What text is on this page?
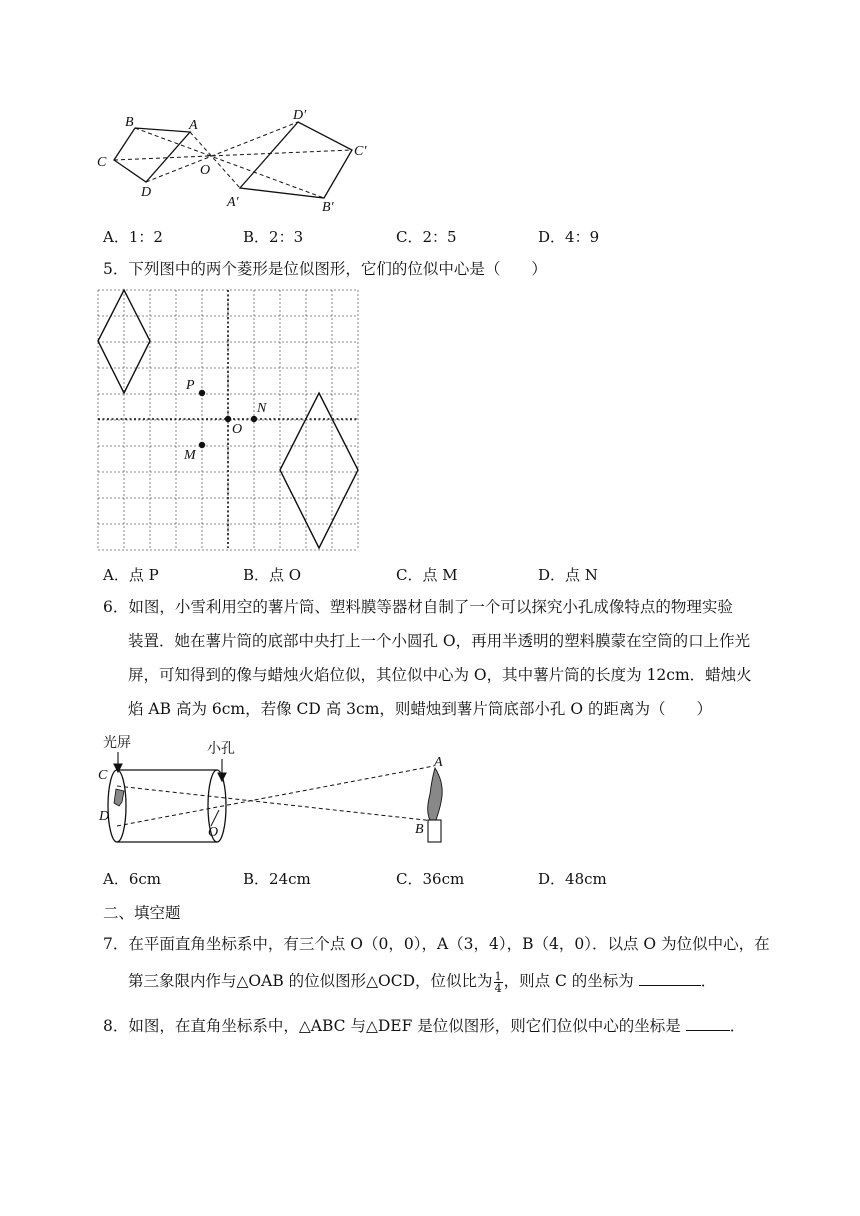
B	A
C
D
O
D′
C′
A′	B′
A．1：2	B．2：3	C．2：5	D．4：9
5．下列图中的两个菱形是位似图形，它们的位似中心是（　　）
P
O
N
M
A．点 P	B．点 O	C．点 M	D．点 N
6．如图，小雪利用空的薯片筒、塑料膜等器材自制了一个可以探究小孔成像特点的物理实验
装置．她在薯片筒的底部中央打上一个小圆孔 O，再用半透明的塑料膜蒙在空筒的口上作光
屏，可知得到的像与蜡烛火焰位似，其位似中心为 O，其中薯片筒的长度为 12cm．蜡烛火
焰 AB 高为 6cm，若像 CD 高 3cm，则蜡烛到薯片筒底部小孔 O 的距离为（　　）
光屏	小孔
C
D
O
A
B
A．6cm	B．24cm	C．36cm	D．48cm
二、填空题
7．在平面直角坐标系中，有三个点 O（0，0），A（3，4），B（4，0）．以点 O 为位似中心，在
第三象限内作与△OAB 的位似图形△OCD，位似比为 $\frac{1}{4}$ ，则点 C 的坐标为	．
8．如图，在直角坐标系中，△ABC 与△DEF 是位似图形，则它们位似中心的坐标是	．
